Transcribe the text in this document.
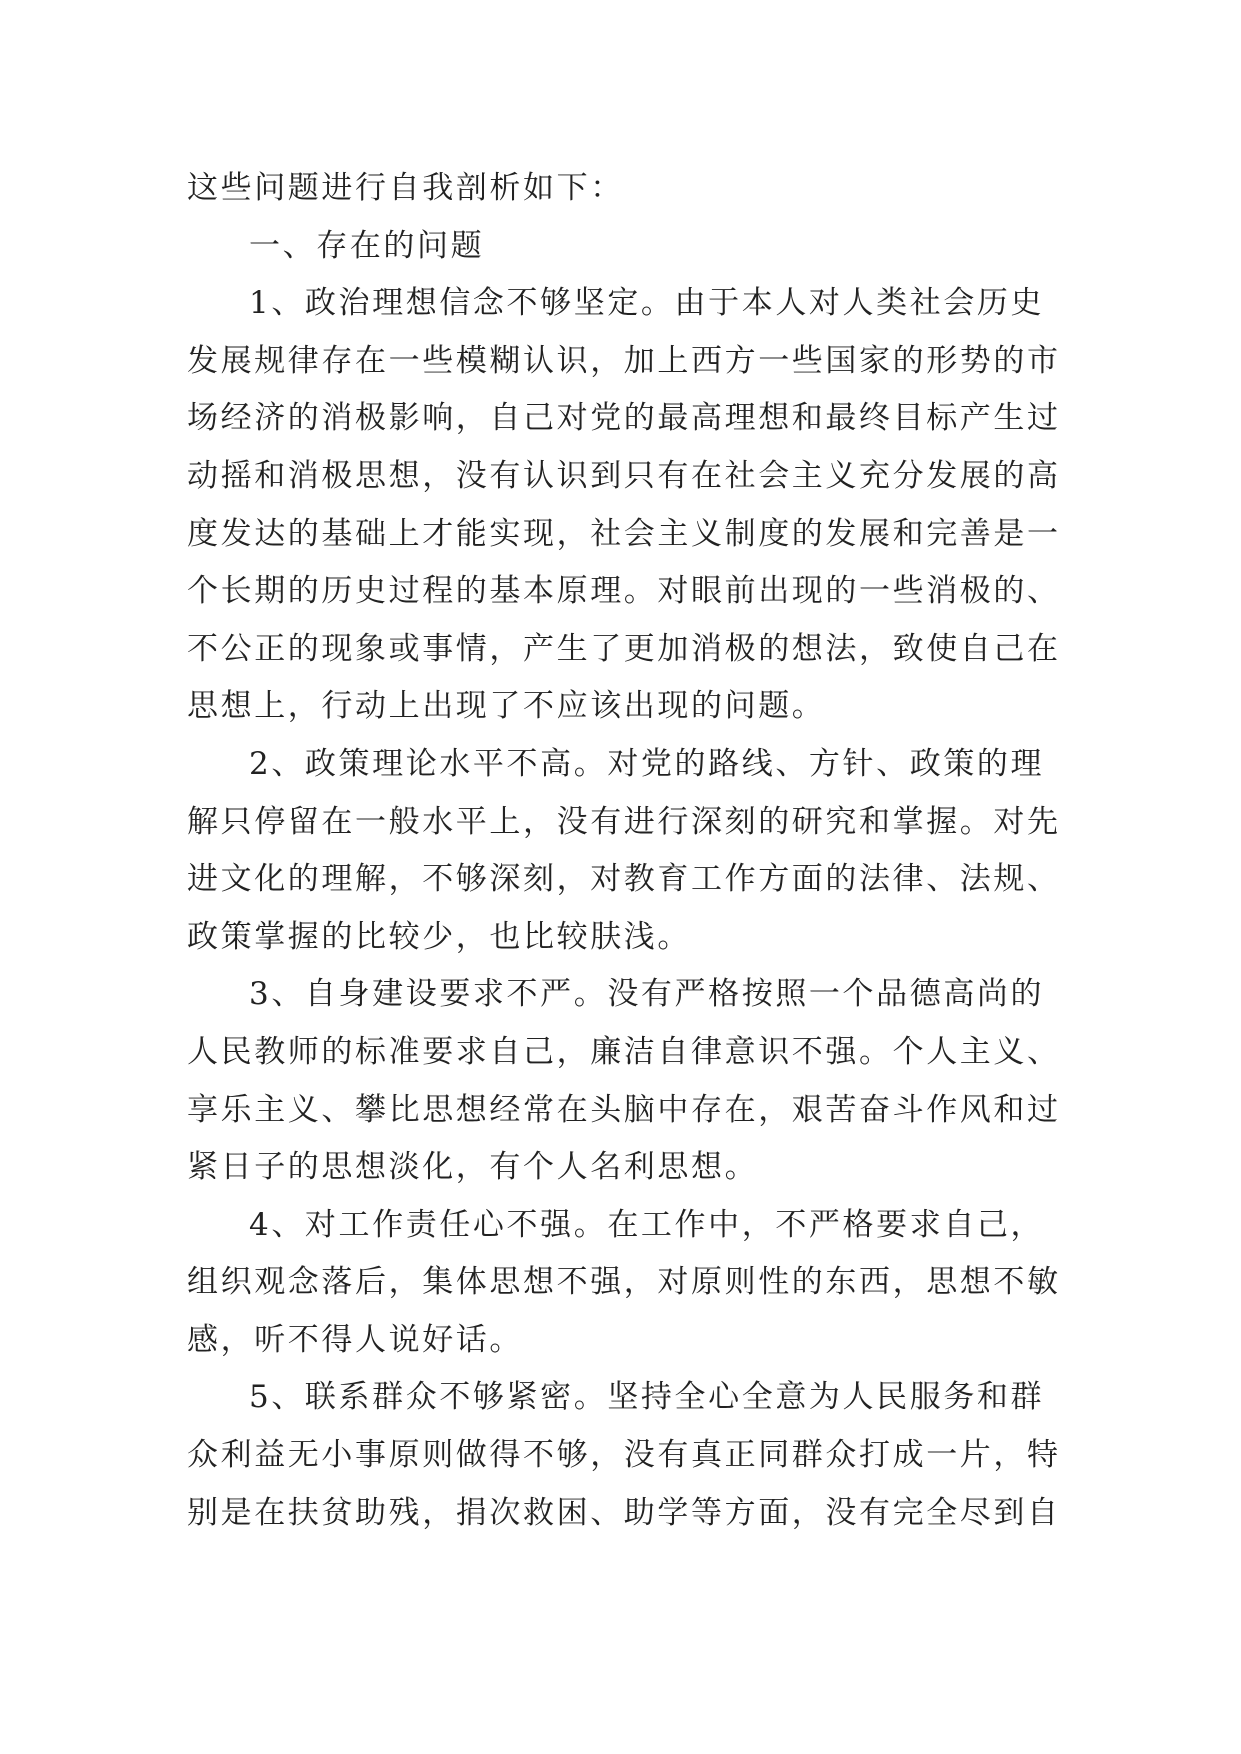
这些问题进行自我剖析如下：
一、存在的问题
1、政治理想信念不够坚定。由于本人对人类社会历史
发展规律存在一些模糊认识，加上西方一些国家的形势的市
场经济的消极影响，自己对党的最高理想和最终目标产生过
动摇和消极思想，没有认识到只有在社会主义充分发展的高
度发达的基础上才能实现，社会主义制度的发展和完善是一
个长期的历史过程的基本原理。对眼前出现的一些消极的、
不公正的现象或事情，产生了更加消极的想法，致使自己在
思想上，行动上出现了不应该出现的问题。
2、政策理论水平不高。对党的路线、方针、政策的理
解只停留在一般水平上，没有进行深刻的研究和掌握。对先
进文化的理解，不够深刻，对教育工作方面的法律、法规、
政策掌握的比较少，也比较肤浅。
3、自身建设要求不严。没有严格按照一个品德高尚的
人民教师的标准要求自己，廉洁自律意识不强。个人主义、
享乐主义、攀比思想经常在头脑中存在，艰苦奋斗作风和过
紧日子的思想淡化，有个人名利思想。
4、对工作责任心不强。在工作中，不严格要求自己，
组织观念落后，集体思想不强，对原则性的东西，思想不敏
感，听不得人说好话。
5、联系群众不够紧密。坚持全心全意为人民服务和群
众利益无小事原则做得不够，没有真正同群众打成一片，特
别是在扶贫助残，捐次救困、助学等方面，没有完全尽到自
